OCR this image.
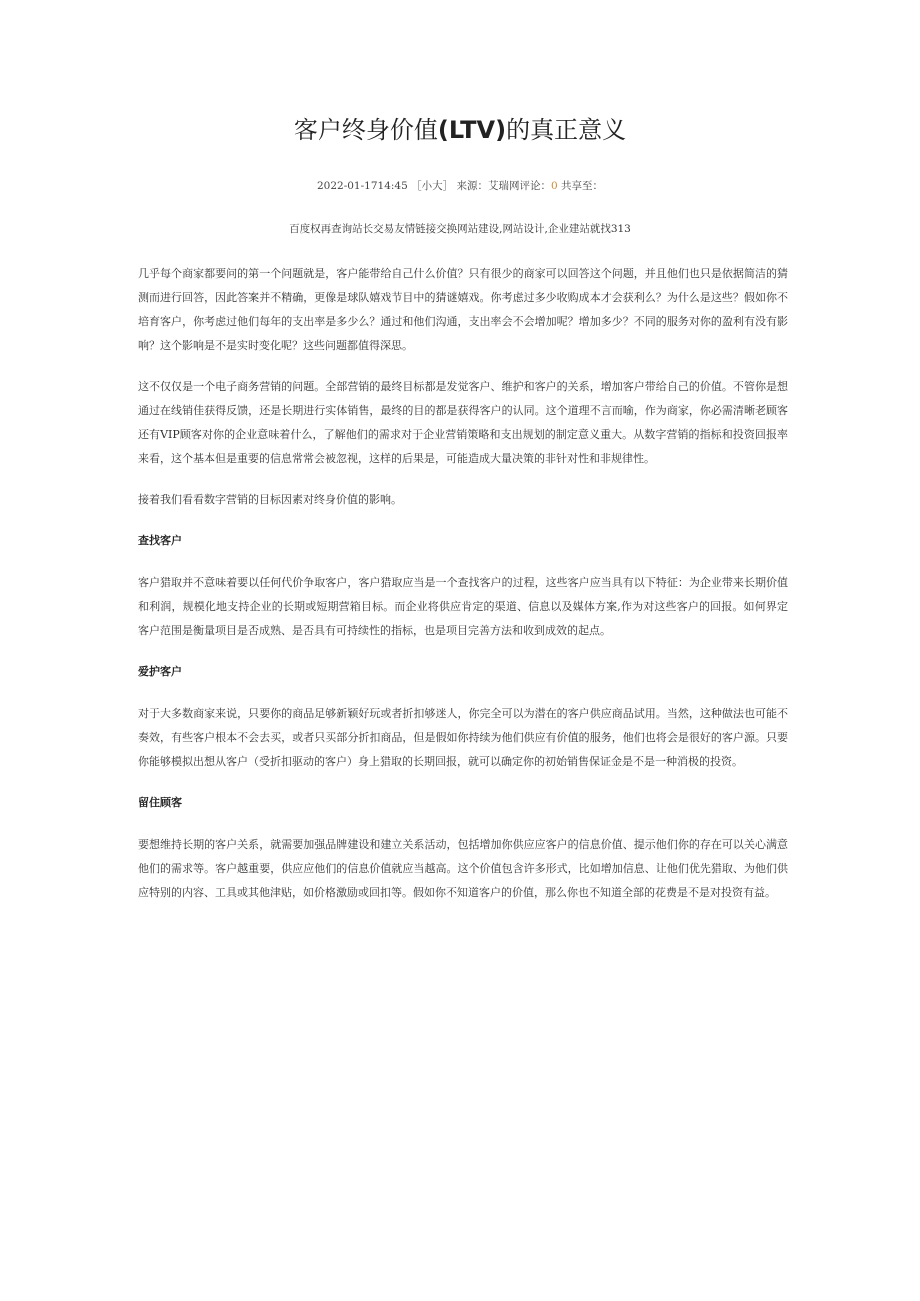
客户终身价值(LTV)的真正意义
2022-01-1714:45 ［小大］ 来源：艾瑞网评论：0 共享至：
百度权再查询站长交易友情链接交换网站建设,网站设计,企业建站就找313

几乎每个商家都要问的第一个问题就是，客户能带给自己什么价值？只有很少的商家可以回答这个问题，并且他们也只是依据简洁的猜测而进行回答，因此答案并不精确，更像是球队嬉戏节目中的猜谜嬉戏。你考虑过多少收购成本才会获利么？为什么是这些？假如你不培育客户，你考虑过他们每年的支出率是多少么？通过和他们沟通，支出率会不会增加呢？增加多少？不同的服务对你的盈利有没有影响？这个影响是不是实时变化呢？这些问题都值得深思。

这不仅仅是一个电子商务营销的问题。全部营销的最终目标都是发觉客户、维护和客户的关系，增加客户带给自己的价值。不管你是想通过在线销佳获得反馈，还是长期进行实体销售，最终的目的都是获得客户的认同。这个道理不言而喻，作为商家，你必需清晰老顾客还有VIP顾客对你的企业意味着什么，了解他们的需求对于企业营销策略和支出规划的制定意义重大。从数字营销的指标和投资回报率来看，这个基本但是重要的信息常常会被忽视，这样的后果是，可能造成大量决策的非针对性和非规律性。

接着我们看看数字营销的目标因素对终身价值的影响。

查找客户

客户猎取并不意味着要以任何代价争取客户，客户猎取应当是一个查找客户的过程，这些客户应当具有以下特征：为企业带来长期价值和利润，规模化地支持企业的长期或短期营箱目标。而企业将供应肯定的渠道、信息以及媒体方案,作为对这些客户的回报。如何界定客户范围是衡量项目是否成熟、是否具有可持续性的指标，也是项目完善方法和收到成效的起点。

爱护客户

对于大多数商家来说，只要你的商品足够新颖好玩或者折扣够迷人，你完全可以为潜在的客户供应商品试用。当然，这种做法也可能不奏效，有些客户根本不会去买，或者只买部分折扣商品，但是假如你持续为他们供应有价值的服务，他们也将会是很好的客户源。只要你能够模拟出想从客户（受折扣驱动的客户）身上猎取的长期回报，就可以确定你的初始销售保证金是不是一种消极的投资。

留住顾客

要想维持长期的客户关系，就需要加强品牌建设和建立关系活动，包括增加你供应应客户的信息价值、提示他们你的存在可以关心满意他们的需求等。客户越重要，供应应他们的信息价值就应当越高。这个价值包含许多形式，比如增加信息、让他们优先猎取、为他们供应特别的内容、工具或其他津贴，如价格激励或回扣等。假如你不知道客户的价值，那么你也不知道全部的花费是不是对投资有益。
